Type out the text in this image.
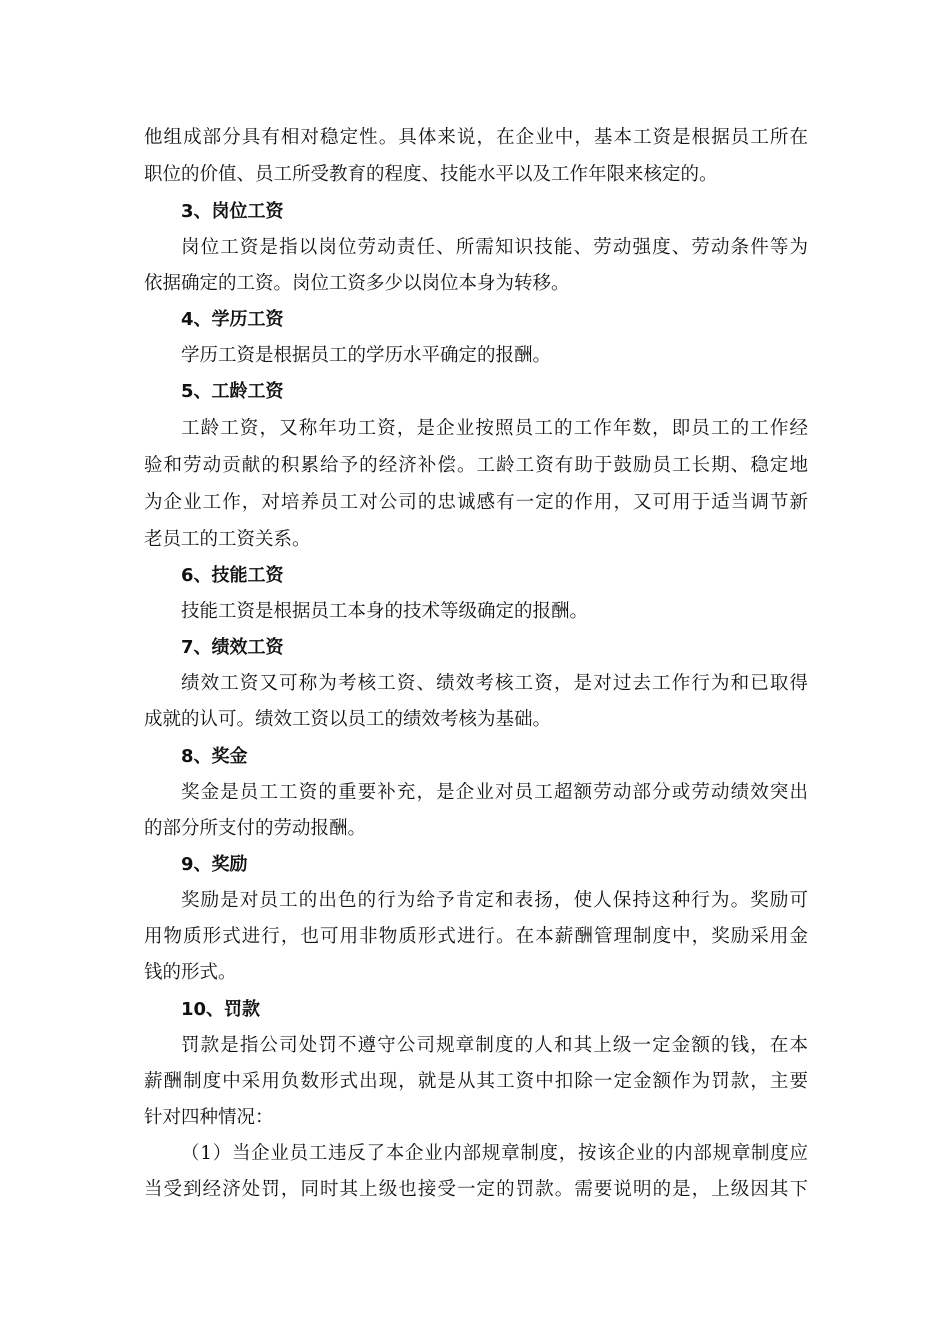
他组成部分具有相对稳定性。具体来说，在企业中，基本工资是根据员工所在
职位的价值、员工所受教育的程度、技能水平以及工作年限来核定的。
3、岗位工资
岗位工资是指以岗位劳动责任、所需知识技能、劳动强度、劳动条件等为
依据确定的工资。岗位工资多少以岗位本身为转移。
4、学历工资
学历工资是根据员工的学历水平确定的报酬。
5、工龄工资
工龄工资，又称年功工资，是企业按照员工的工作年数，即员工的工作经
验和劳动贡献的积累给予的经济补偿。工龄工资有助于鼓励员工长期、稳定地
为企业工作，对培养员工对公司的忠诚感有一定的作用，又可用于适当调节新
老员工的工资关系。
6、技能工资
技能工资是根据员工本身的技术等级确定的报酬。
7、绩效工资
绩效工资又可称为考核工资、绩效考核工资，是对过去工作行为和已取得
成就的认可。绩效工资以员工的绩效考核为基础。
8、奖金
奖金是员工工资的重要补充，是企业对员工超额劳动部分或劳动绩效突出
的部分所支付的劳动报酬。
9、奖励
奖励是对员工的出色的行为给予肯定和表扬，使人保持这种行为。奖励可
用物质形式进行，也可用非物质形式进行。在本薪酬管理制度中，奖励采用金
钱的形式。
10、罚款
罚款是指公司处罚不遵守公司规章制度的人和其上级一定金额的钱，在本
薪酬制度中采用负数形式出现，就是从其工资中扣除一定金额作为罚款，主要
针对四种情况：
（1）当企业员工违反了本企业内部规章制度，按该企业的内部规章制度应
当受到经济处罚，同时其上级也接受一定的罚款。需要说明的是，上级因其下
